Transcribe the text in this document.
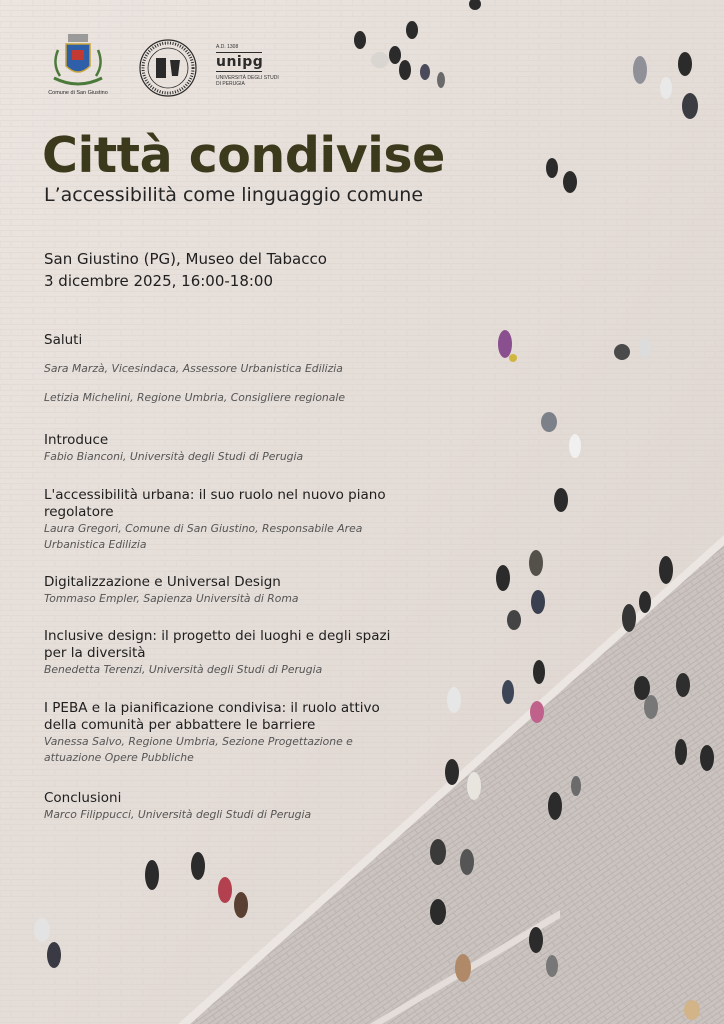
Comune di San Giustino
A.D. 1308
unipg
UNIVERSITÀ DEGLI STUDI
DI PERUGIA
Città condivise
L’accessibilità come linguaggio comune
San Giustino (PG), Museo del Tabacco
3 dicembre 2025, 16:00-18:00
Saluti
Sara Marzà, Vicesindaca, Assessore Urbanistica Edilizia
Letizia Michelini, Regione Umbria, Consigliere regionale
Introduce
Fabio Bianconi, Università degli Studi di Perugia
L'accessibilità urbana: il suo ruolo nel nuovo piano
regolatore
Laura Gregori, Comune di San Giustino, Responsabile Area
Urbanistica Edilizia
Digitalizzazione e Universal Design
Tommaso Empler, Sapienza Università di Roma
Inclusive design: il progetto dei luoghi e degli spazi
per la diversità
Benedetta Terenzi, Università degli Studi di Perugia
I PEBA e la pianificazione condivisa: il ruolo attivo
della comunità per abbattere le barriere
Vanessa Salvo, Regione Umbria, Sezione Progettazione e
attuazione Opere Pubbliche
Conclusioni
Marco Filippucci, Università degli Studi di Perugia
